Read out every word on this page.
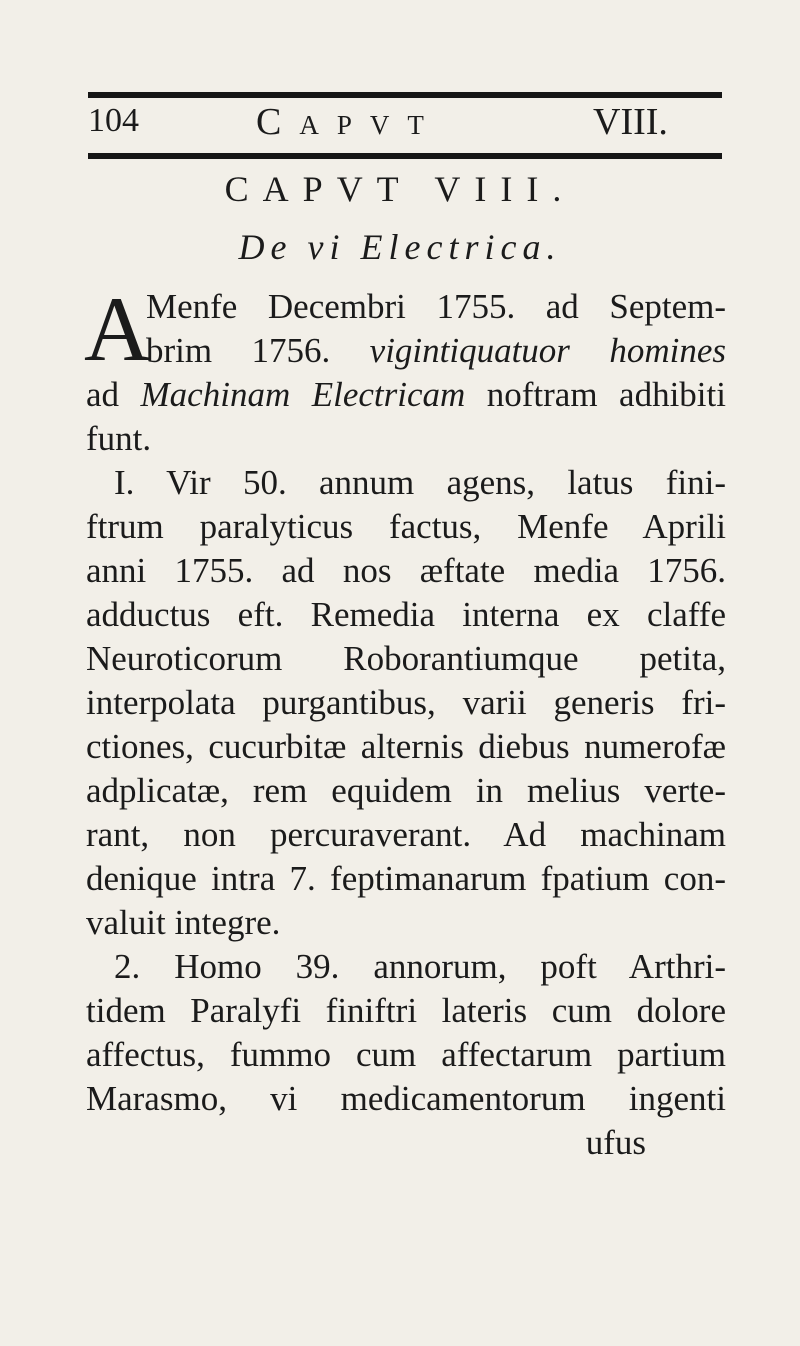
104	Capvt	VIII.
CAPVT VIII.
De vi Electrica.
A
Menfe Decembri 1755. ad Septem-
brim 1756. vigintiquatuor homines
ad Machinam Electricam noftram adhibiti
funt.
I. Vir 50. annum agens, latus fini-
ftrum paralyticus factus, Menfe Aprili
anni 1755. ad nos æftate media 1756.
adductus eft. Remedia interna ex claffe
Neuroticorum Roborantiumque petita,
interpolata purgantibus, varii generis fri-
ctiones, cucurbitæ alternis diebus numerofæ
adplicatæ, rem equidem in melius verte-
rant, non percuraverant. Ad machinam
denique intra 7. feptimanarum fpatium con-
valuit integre.
2. Homo 39. annorum, poft Arthri-
tidem Paralyfi finiftri lateris cum dolore
affectus, fummo cum affectarum partium
Marasmo, vi medicamentorum ingenti
ufus
